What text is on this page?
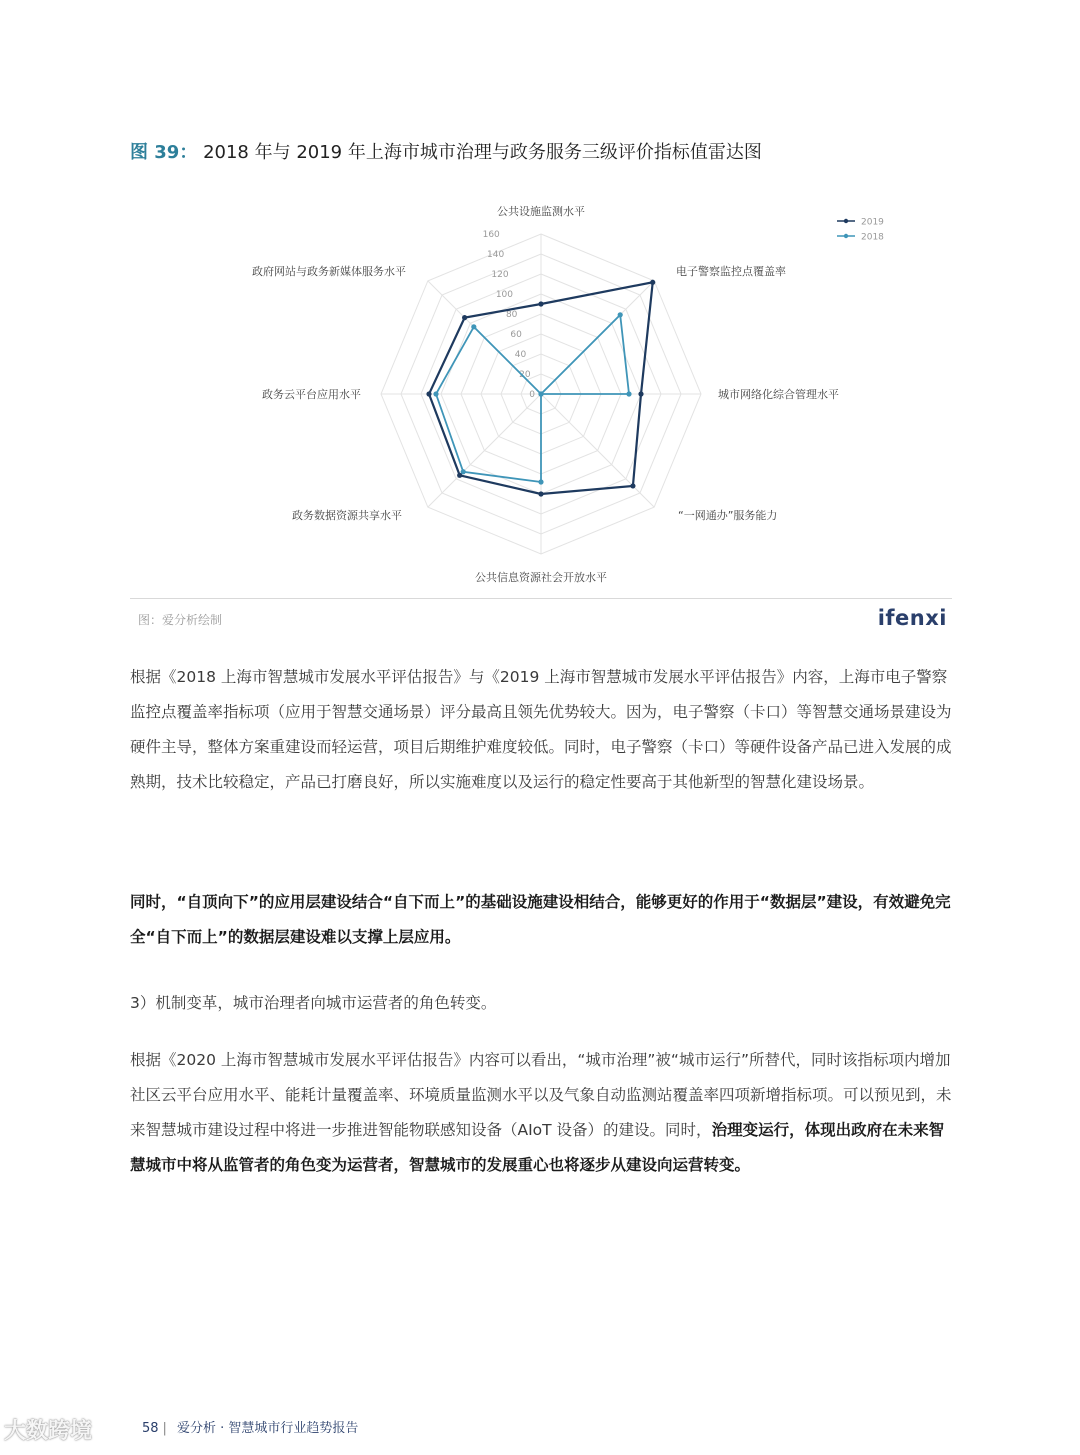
图 39： 2018 年与 2019 年上海市城市治理与政务服务三级评价指标值雷达图
0
20
40
60
80
100
120
140
160
公共设施监测水平
电子警察监控点覆盖率
城市网络化综合管理水平
“一网通办”服务能力
公共信息资源社会开放水平
政务数据资源共享水平
政务云平台应用水平
政府网站与政务新媒体服务水平
2019
2018
图：爱分析绘制	ifenxi

根据《2018 上海市智慧城市发展水平评估报告》与《2019 上海市智慧城市发展水平评估报告》内容，上海市电子警察监控点覆盖率指标项（应用于智慧交通场景）评分最高且领先优势较大。因为，电子警察（卡口）等智慧交通场景建设为硬件主导，整体方案重建设而轻运营，项目后期维护难度较低。同时，电子警察（卡口）等硬件设备产品已进入发展的成熟期，技术比较稳定，产品已打磨良好，所以实施难度以及运行的稳定性要高于其他新型的智慧化建设场景。

同时，“自顶向下”的应用层建设结合“自下而上”的基础设施建设相结合，能够更好的作用于“数据层”建设，有效避免完全“自下而上”的数据层建设难以支撑上层应用。

3）机制变革，城市治理者向城市运营者的角色转变。

根据《2020 上海市智慧城市发展水平评估报告》内容可以看出，“城市治理”被“城市运行”所替代，同时该指标项内增加社区云平台应用水平、能耗计量覆盖率、环境质量监测水平以及气象自动监测站覆盖率四项新增指标项。可以预见到，未来智慧城市建设过程中将进一步推进智能物联感知设备（AIoT 设备）的建设。同时，治理变运行，体现出政府在未来智慧城市中将从监管者的角色变为运营者，智慧城市的发展重心也将逐步从建设向运营转变。

大数跨境	58 | 爱分析 · 智慧城市行业趋势报告
